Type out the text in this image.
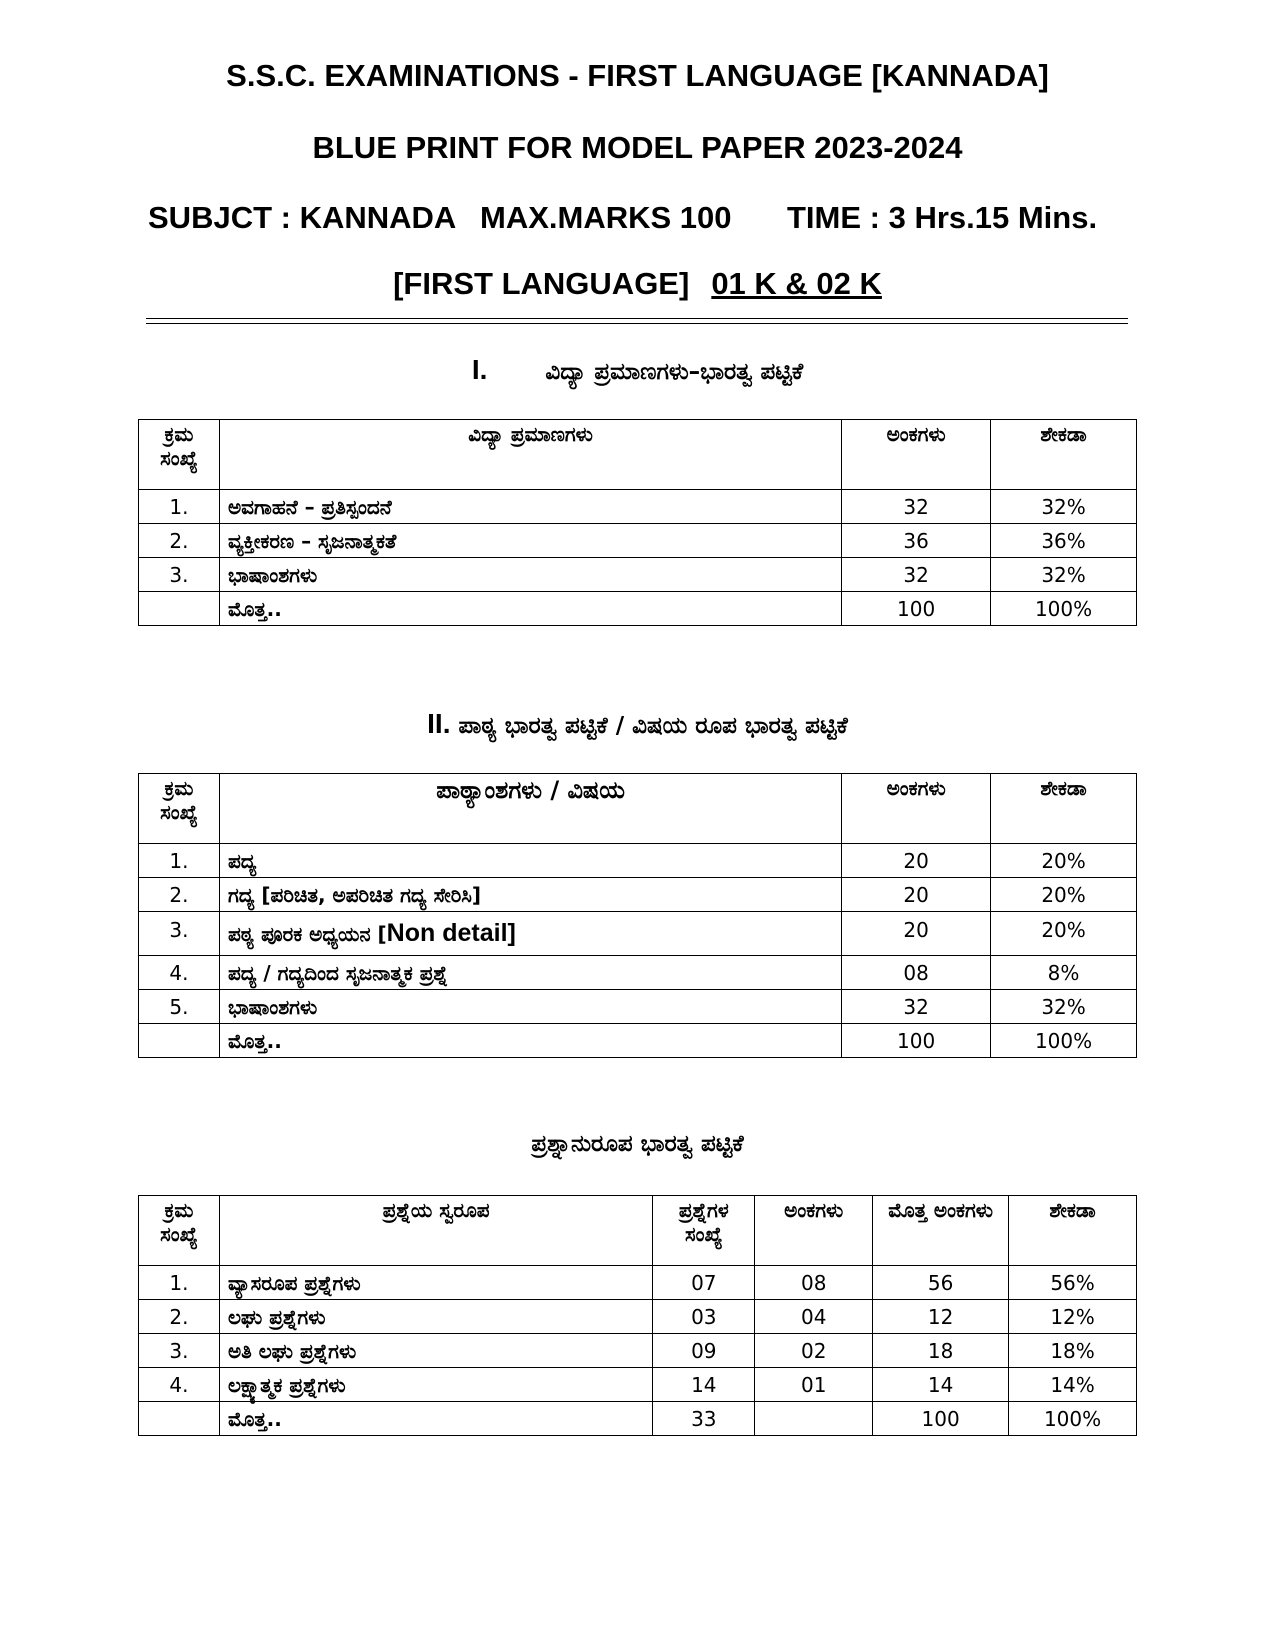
S.S.C. EXAMINATIONS - FIRST LANGUAGE [KANNADA]
BLUE PRINT FOR MODEL PAPER 2023-2024
SUBJCT : KANNADA MAX.MARKS 100 TIME : 3 Hrs.15 Mins.
[FIRST LANGUAGE] 01 K & 02 K
I.	ವಿದ್ಯಾ ಪ್ರಮಾಣಗಳು–ಭಾರತ್ವ ಪಟ್ಟಿಕೆ
ಕ್ರಮ ಸಂಖ್ಯೆ	ವಿದ್ಯಾ ಪ್ರಮಾಣಗಳು	ಅಂಕಗಳು	ಶೇಕಡಾ
1.	ಅವಗಾಹನೆ – ಪ್ರತಿಸ್ಪಂದನೆ	32	32%
2.	ವ್ಯಕ್ತೀಕರಣ – ಸೃಜನಾತ್ಮಕತೆ	36	36%
3.	ಭಾಷಾಂಶಗಳು	32	32%
	ಮೊತ್ತ..	100	100%
II. ಪಾಠ್ಯ ಭಾರತ್ವ ಪಟ್ಟಿಕೆ / ವಿಷಯ ರೂಪ ಭಾರತ್ವ ಪಟ್ಟಿಕೆ
ಕ್ರಮ ಸಂಖ್ಯೆ	ಪಾಠ್ಯಾಂಶಗಳು / ವಿಷಯ	ಅಂಕಗಳು	ಶೇಕಡಾ
1.	ಪದ್ಯ	20	20%
2.	ಗದ್ಯ [ಪರಿಚಿತ, ಅಪರಿಚಿತ ಗದ್ಯ ಸೇರಿಸಿ]	20	20%
3.	ಪಠ್ಯ ಪೂರಕ ಅಧ್ಯಯನ [Non detail]	20	20%
4.	ಪದ್ಯ / ಗದ್ಯದಿಂದ ಸೃಜನಾತ್ಮಕ ಪ್ರಶ್ನೆ	08	8%
5.	ಭಾಷಾಂಶಗಳು	32	32%
	ಮೊತ್ತ..	100	100%
ಪ್ರಶ್ನಾನುರೂಪ ಭಾರತ್ವ ಪಟ್ಟಿಕೆ
ಕ್ರಮ ಸಂಖ್ಯೆ	ಪ್ರಶ್ನೆಯ ಸ್ವರೂಪ	ಪ್ರಶ್ನೆಗಳ ಸಂಖ್ಯೆ	ಅಂಕಗಳು	ಮೊತ್ತ ಅಂಕಗಳು	ಶೇಕಡಾ
1.	ವ್ಯಾಸರೂಪ ಪ್ರಶ್ನೆಗಳು	07	08	56	56%
2.	ಲಘು ಪ್ರಶ್ನೆಗಳು	03	04	12	12%
3.	ಅತಿ ಲಘು ಪ್ರಶ್ನೆಗಳು	09	02	18	18%
4.	ಲಕ್ಷ್ಯಾತ್ಮಕ ಪ್ರಶ್ನೆಗಳು	14	01	14	14%
	ಮೊತ್ತ..	33		100	100%
